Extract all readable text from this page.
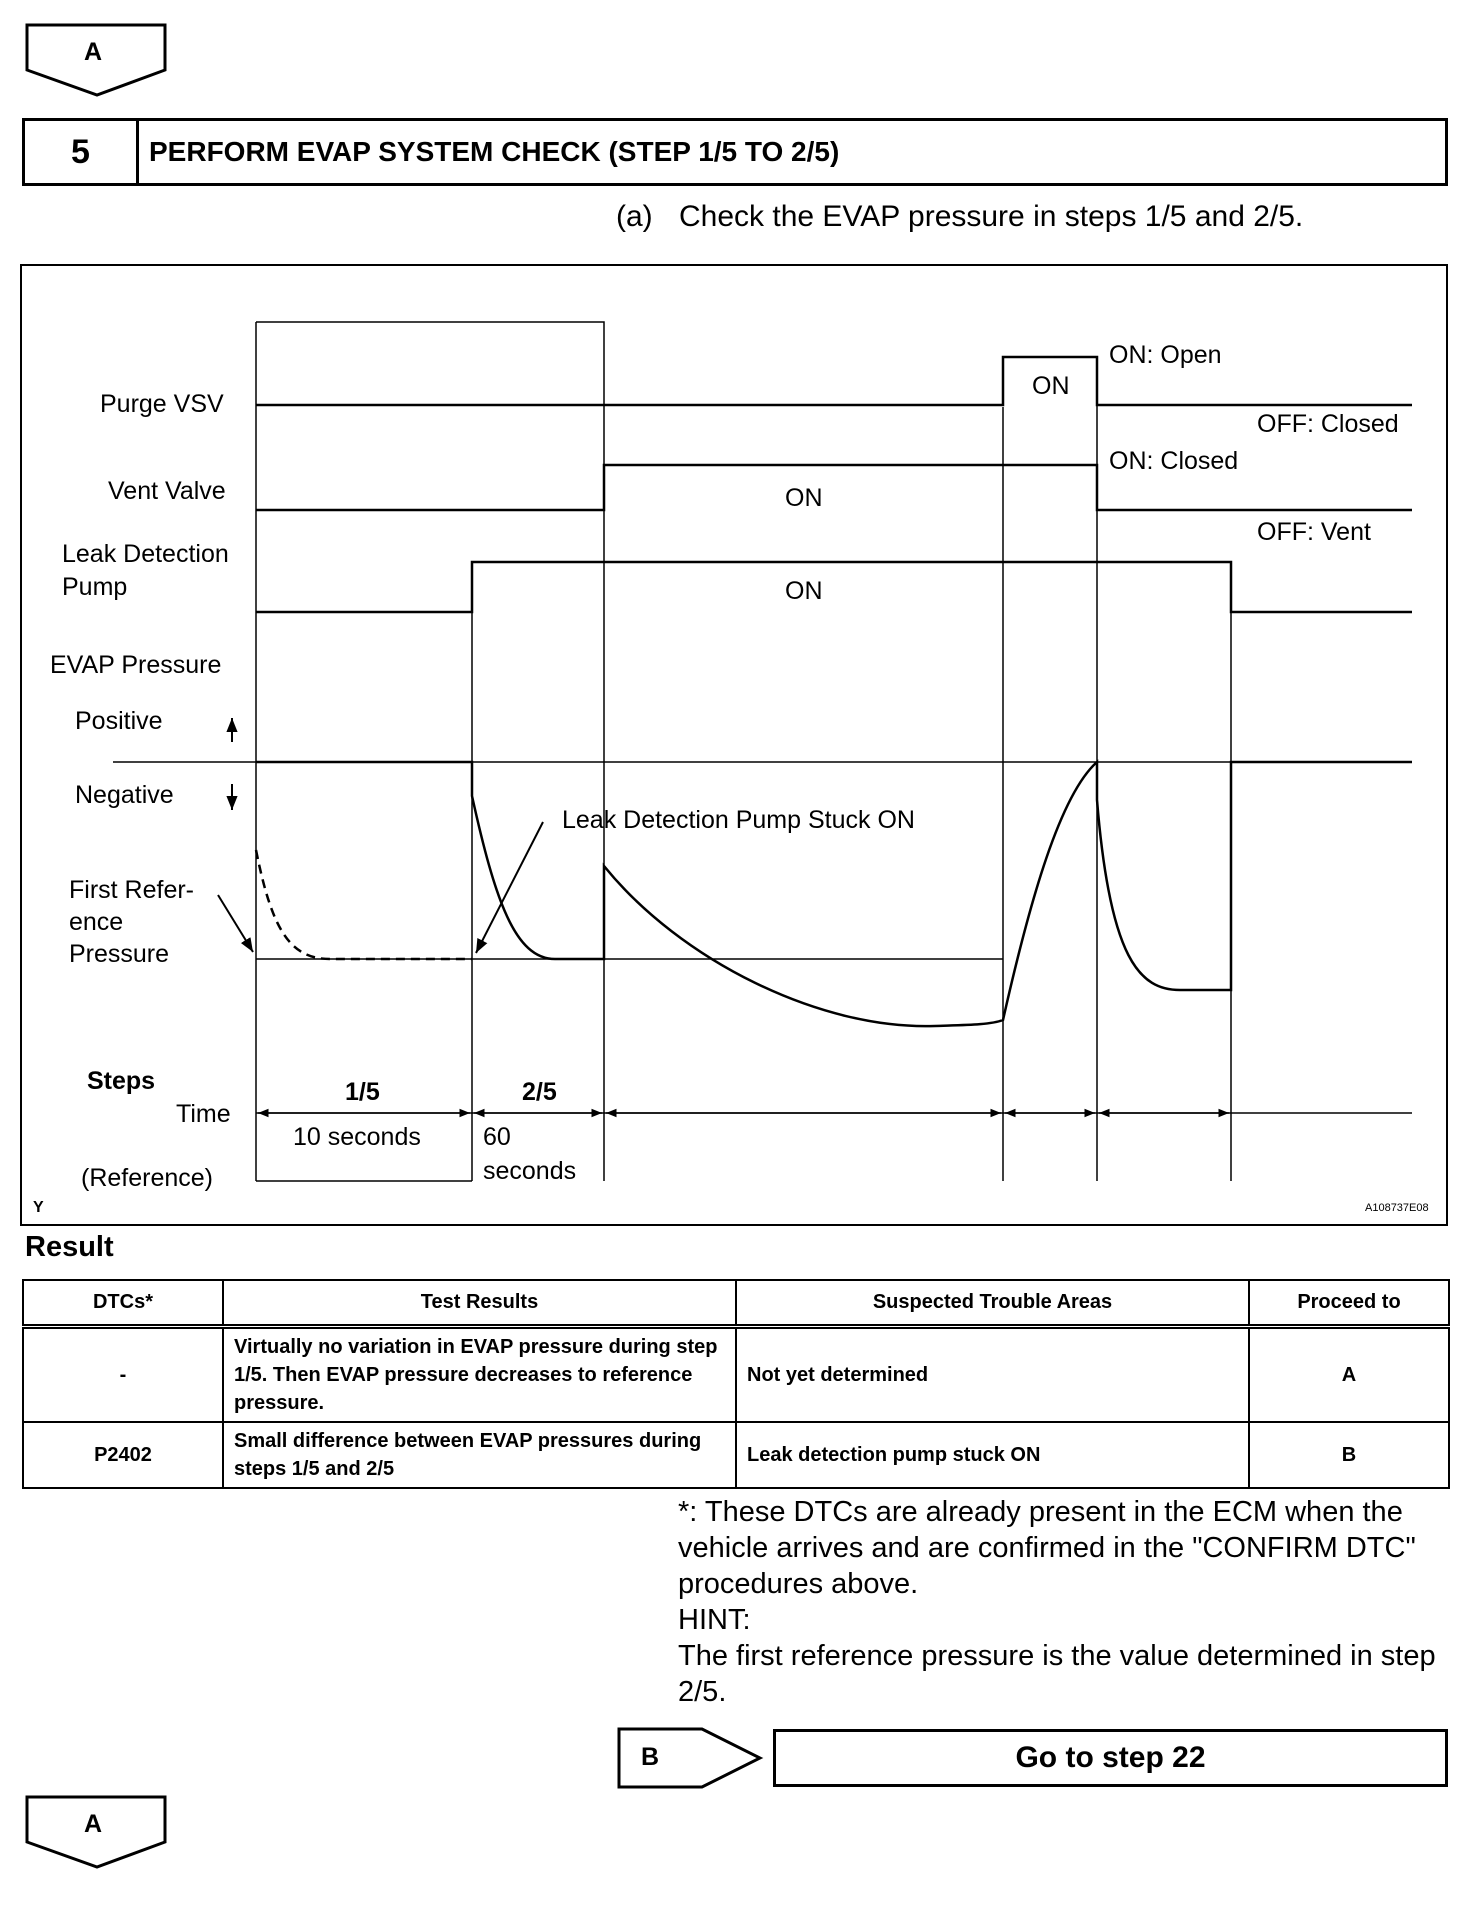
A
5	PERFORM EVAP SYSTEM CHECK (STEP 1/5 TO 2/5)
(a) Check the EVAP pressure in steps 1/5 and 2/5.
Purge VSV
Vent Valve
Leak Detection
Pump
EVAP Pressure
Positive
Negative
First Refer-
ence
Pressure
Steps
Time
(Reference)
ON: Open
OFF: Closed
ON: Closed
OFF: Vent
ON
ON
ON
Leak Detection Pump Stuck ON
1/5	2/5
10 seconds 60
seconds
Y	A108737E08
Result
DTCs*	Test Results	Suspected Trouble Areas	Proceed to
-	Virtually no variation in EVAP pressure during step 1/5. Then EVAP pressure decreases to reference pressure.	Not yet determined	A
P2402	Small difference between EVAP pressures during steps 1/5 and 2/5	Leak detection pump stuck ON	B
*: These DTCs are already present in the ECM when the vehicle arrives and are confirmed in the "CONFIRM DTC" procedures above.
HINT:
The first reference pressure is the value determined in step 2/5.
B	Go to step 22
A
